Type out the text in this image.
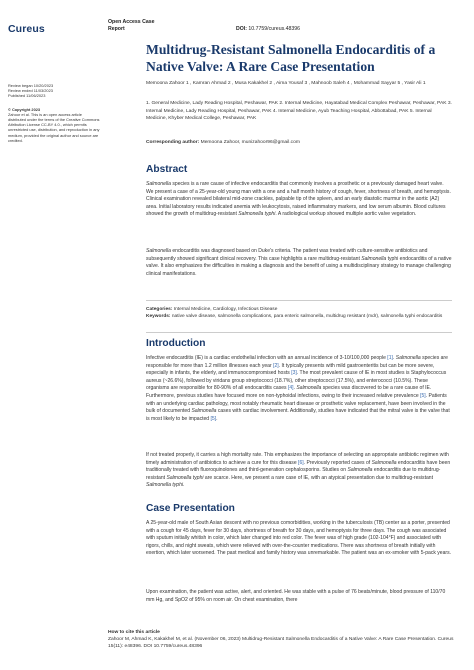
Cureus
Open Access Case
Report	DOI: 10.7759/cureus.48396
Review began 10/20/2023
Review ended 11/03/2023
Published 11/06/2023
© Copyright 2023
Zahoor et al. This is an open access article distributed under the terms of the Creative Commons Attribution License CC-BY 4.0., which permits unrestricted use, distribution, and reproduction in any medium, provided the original author and source are credited.
Multidrug-Resistant Salmonella Endocarditis of a Native Valve: A Rare Case Presentation
Memoona Zahoor 1 , Kamran Ahmad 2 , Musa Kakakhel 2 , Aima Yousaf 3 , Mahnoob Saleh 4 , Mohammad Sayyar 5 , Yasir Ali 1
1. General Medicine, Lady Reading Hospital, Peshawar, PAK 2. Internal Medicine, Hayatabad Medical Complex Peshawar, Peshawar, PAK 3. Internal Medicine, Lady Reading Hospital, Peshawar, PAK 4. Internal Medicine, Ayub Teaching Hospital, Abbottabad, PAK 5. Internal Medicine, Khyber Medical College, Peshawar, PAK
Corresponding author: Memoona Zahoor, munizahoor96@gmail.com
Abstract
Salmonella species is a rare cause of infective endocarditis that commonly involves a prosthetic or a previously damaged heart valve. We present a case of a 25-year-old young man with a one and a half month history of cough, fever, shortness of breath, and hemoptysis. Clinical examination revealed bilateral mid-zone crackles, palpable tip of the spleen, and an early diastolic murmur in the aortic (A2) area. Initial laboratory results indicated anemia with leukocytosis, raised inflammatory markers, and low serum albumin. Blood cultures showed the growth of multidrug-resistant Salmonella typhi. A radiological workup showed multiple aortic valve vegetation.
Salmonella endocarditis was diagnosed based on Duke's criteria. The patient was treated with culture-sensitive antibiotics and subsequently showed significant clinical recovery. This case highlights a rare multidrug-resistant Salmonella typhi endocarditis of a native valve. It also emphasizes the difficulties in making a diagnosis and the benefit of using a multidisciplinary strategy to manage challenging clinical manifestations.
Categories: Internal Medicine, Cardiology, Infectious Disease
Keywords: native valve disease, salmonella complications, para enteric salmonella, multidrug resistant (mdr), salmonella typhi endocarditis
Introduction
Infective endocarditis (IE) is a cardiac endothelial infection with an annual incidence of 3-10/100,000 people [1]. Salmonella species are responsible for more than 1.2 million illnesses each year [2]. It typically presents with mild gastroenteritis but can be more severe, especially in infants, the elderly, and immunocompromised hosts [3]. The most prevalent cause of IE in most studies is Staphylococcus aureus (~26.6%), followed by viridans group streptococci (18.7%), other streptococci (17.5%), and enterococci (10.5%). These organisms are responsible for 80-90% of all endocarditis cases [4]. Salmonella species was discovered to be a rare cause of IE. Furthermore, previous studies have focused more on non-typhoidal infections, owing to their increased relative prevalence [5]. Patients with an underlying cardiac pathology, most notably rheumatic heart disease or prosthetic valve replacement, have been involved in the bulk of documented Salmonella cases with cardiac involvement. Additionally, studies have indicated that the mitral valve is the valve that is most likely to be impacted [5].
If not treated properly, it carries a high mortality rate. This emphasizes the importance of selecting an appropriate antibiotic regimen with timely administration of antibiotics to achieve a cure for this disease [6]. Previously reported cases of Salmonella endocarditis have been traditionally treated with fluoroquinolones and third-generation cephalosporins. Studies on Salmonella endocarditis due to multidrug-resistant Salmonella typhi are scarce. Here, we present a rare case of IE, with an atypical presentation due to multidrug-resistant Salmonella typhi.
Case Presentation
A 25-year-old male of South Asian descent with no previous comorbidities, working in the tuberculosis (TB) center as a porter, presented with a cough for 45 days, fever for 30 days, shortness of breath for 30 days, and hemoptysis for three days. The cough was associated with sputum initially whitish in color, which later changed into red color. The fever was of high grade (102-104°F) and associated with rigors, chills, and night sweats, which were relieved with over-the-counter medications. There was shortness of breath initially with exertion, which later worsened. The past medical and family history was unremarkable. The patient was an ex-smoker with 5-pack years.
Upon examination, the patient was active, alert, and oriented. He was stable with a pulse of 76 beats/minute, blood pressure of 110/70 mm Hg, and SpO2 of 95% on room air. On chest examination, there
How to cite this article
Zahoor M, Ahmad K, Kakakhel M, et al. (November 06, 2023) Multidrug-Resistant Salmonella Endocarditis of a Native Valve: A Rare Case Presentation. Cureus 15(11): e48396. DOI 10.7759/cureus.48396
